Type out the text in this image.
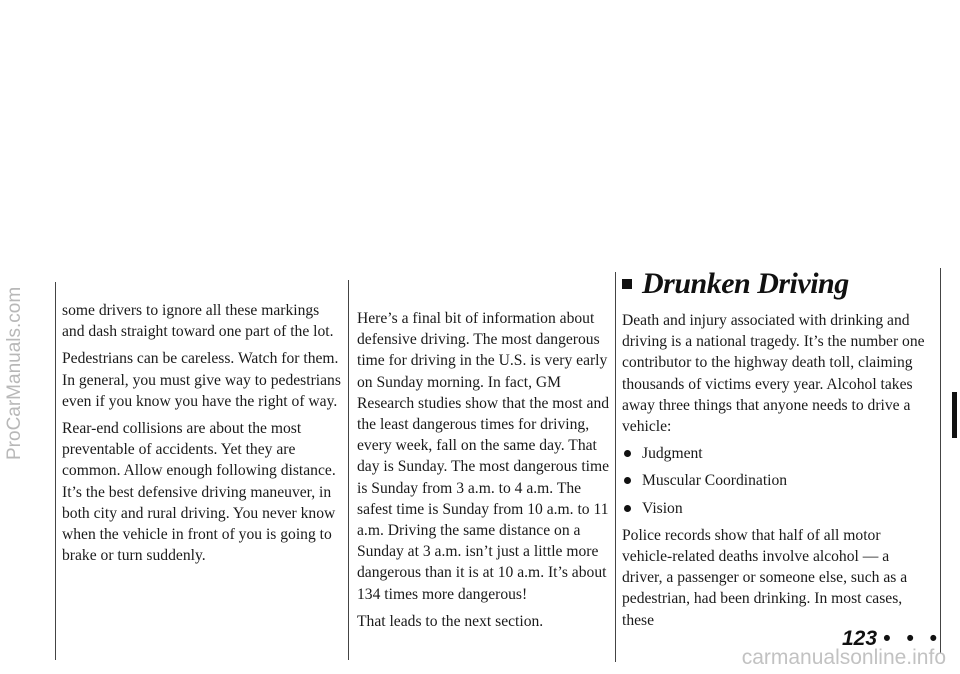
ProCarManuals.com some drivers to ignore all these markings and dash straight toward one part of the lot.

Pedestrians can be careless. Watch for them. In general, you must give way to pedestrians even if you know you have the right of way.

Rear-end collisions are about the most preventable of accidents. Yet they are common. Allow enough following distance. It’s the best defensive driving maneuver, in both city and rural driving. You never know when the vehicle in front of you is going to brake or turn suddenly.

Here’s a final bit of information about defensive driving. The most dangerous time for driving in the U.S. is very early on Sunday morning. In fact, GM Research studies show that the most and the least dangerous times for driving, every week, fall on the same day. That day is Sunday. The most dangerous time is Sunday from 3 a.m. to 4 a.m. The safest time is Sunday from 10 a.m. to 11 a.m. Driving the same distance on a Sunday at 3 a.m. isn’t just a little more dangerous than it is at 10 a.m. It’s about 134 times more dangerous!

That leads to the next section.

Drunken Driving

Death and injury associated with drinking and driving is a national tragedy. It’s the number one contributor to the highway death toll, claiming thousands of victims every year. Alcohol takes away three things that anyone needs to drive a vehicle:

Judgment
Muscular Coordination
Vision

Police records show that half of all motor vehicle-related deaths involve alcohol — a driver, a passenger or someone else, such as a pedestrian, had been drinking. In most cases, these

123 • • •
carmanualsonline.info
